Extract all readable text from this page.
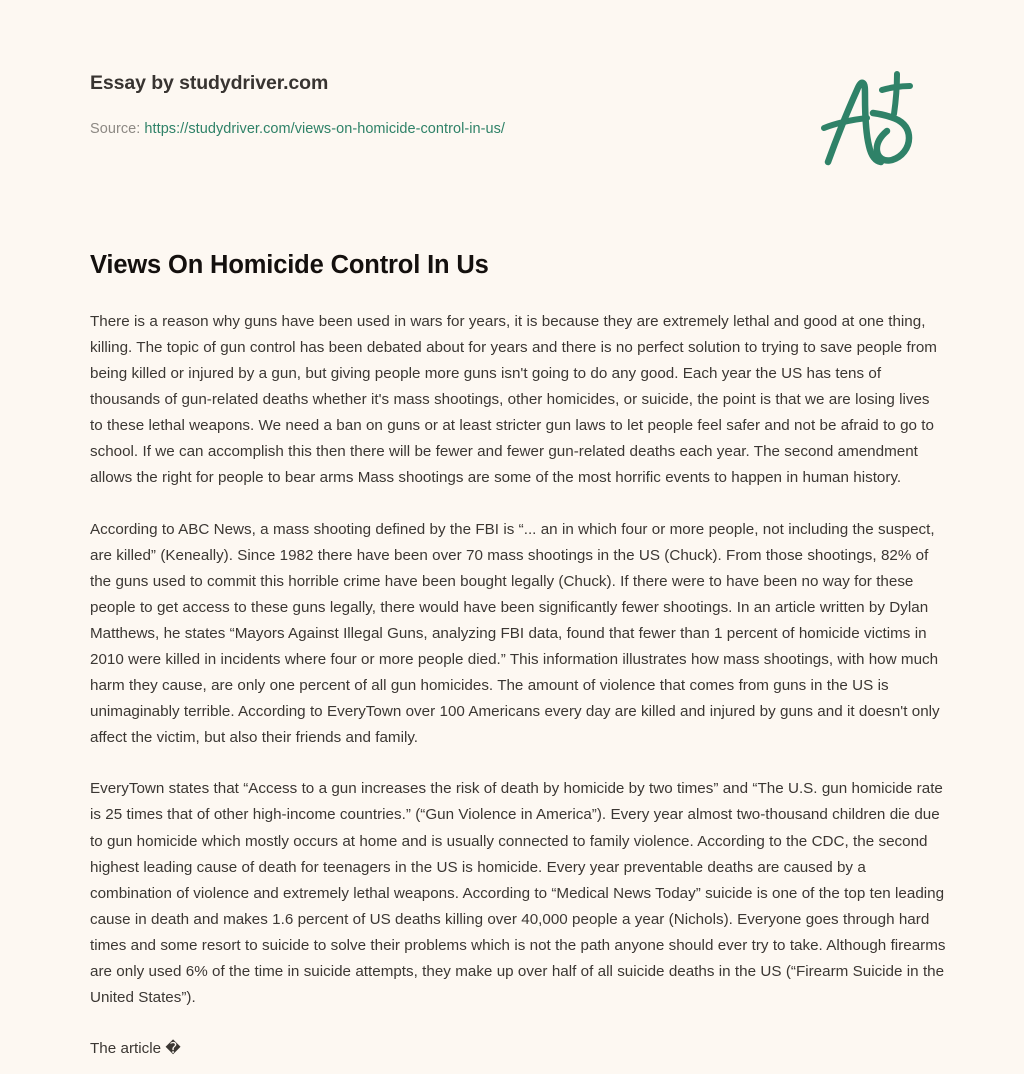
Essay by studydriver.com
Source: https://studydriver.com/views-on-homicide-control-in-us/
Views On Homicide Control In Us

There is a reason why guns have been used in wars for years, it is because they are extremely lethal and good at one thing, killing. The topic of gun control has been debated about for years and there is no perfect solution to trying to save people from being killed or injured by a gun, but giving people more guns isn't going to do any good. Each year the US has tens of thousands of gun-related deaths whether it's mass shootings, other homicides, or suicide, the point is that we are losing lives to these lethal weapons. We need a ban on guns or at least stricter gun laws to let people feel safer and not be afraid to go to school. If we can accomplish this then there will be fewer and fewer gun-related deaths each year. The second amendment allows the right for people to bear arms Mass shootings are some of the most horrific events to happen in human history.

According to ABC News, a mass shooting defined by the FBI is “... an in which four or more people, not including the suspect, are killed” (Keneally). Since 1982 there have been over 70 mass shootings in the US (Chuck). From those shootings, 82% of the guns used to commit this horrible crime have been bought legally (Chuck). If there were to have been no way for these people to get access to these guns legally, there would have been significantly fewer shootings. In an article written by Dylan Matthews, he states “Mayors Against Illegal Guns, analyzing FBI data, found that fewer than 1 percent of homicide victims in 2010 were killed in incidents where four or more people died.” This information illustrates how mass shootings, with how much harm they cause, are only one percent of all gun homicides. The amount of violence that comes from guns in the US is unimaginably terrible. According to EveryTown over 100 Americans every day are killed and injured by guns and it doesn't only affect the victim, but also their friends and family.

EveryTown states that “Access to a gun increases the risk of death by homicide by two times” and “The U.S. gun homicide rate is 25 times that of other high-income countries.” (“Gun Violence in America”). Every year almost two-thousand children die due to gun homicide which mostly occurs at home and is usually connected to family violence. According to the CDC, the second highest leading cause of death for teenagers in the US is homicide. Every year preventable deaths are caused by a combination of violence and extremely lethal weapons. According to “Medical News Today” suicide is one of the top ten leading cause in death and makes 1.6 percent of US deaths killing over 40,000 people a year (Nichols). Everyone goes through hard times and some resort to suicide to solve their problems which is not the path anyone should ever try to take. Although firearms are only used 6% of the time in suicide attempts, they make up over half of all suicide deaths in the US (“Firearm Suicide in the United States”).

The article �
